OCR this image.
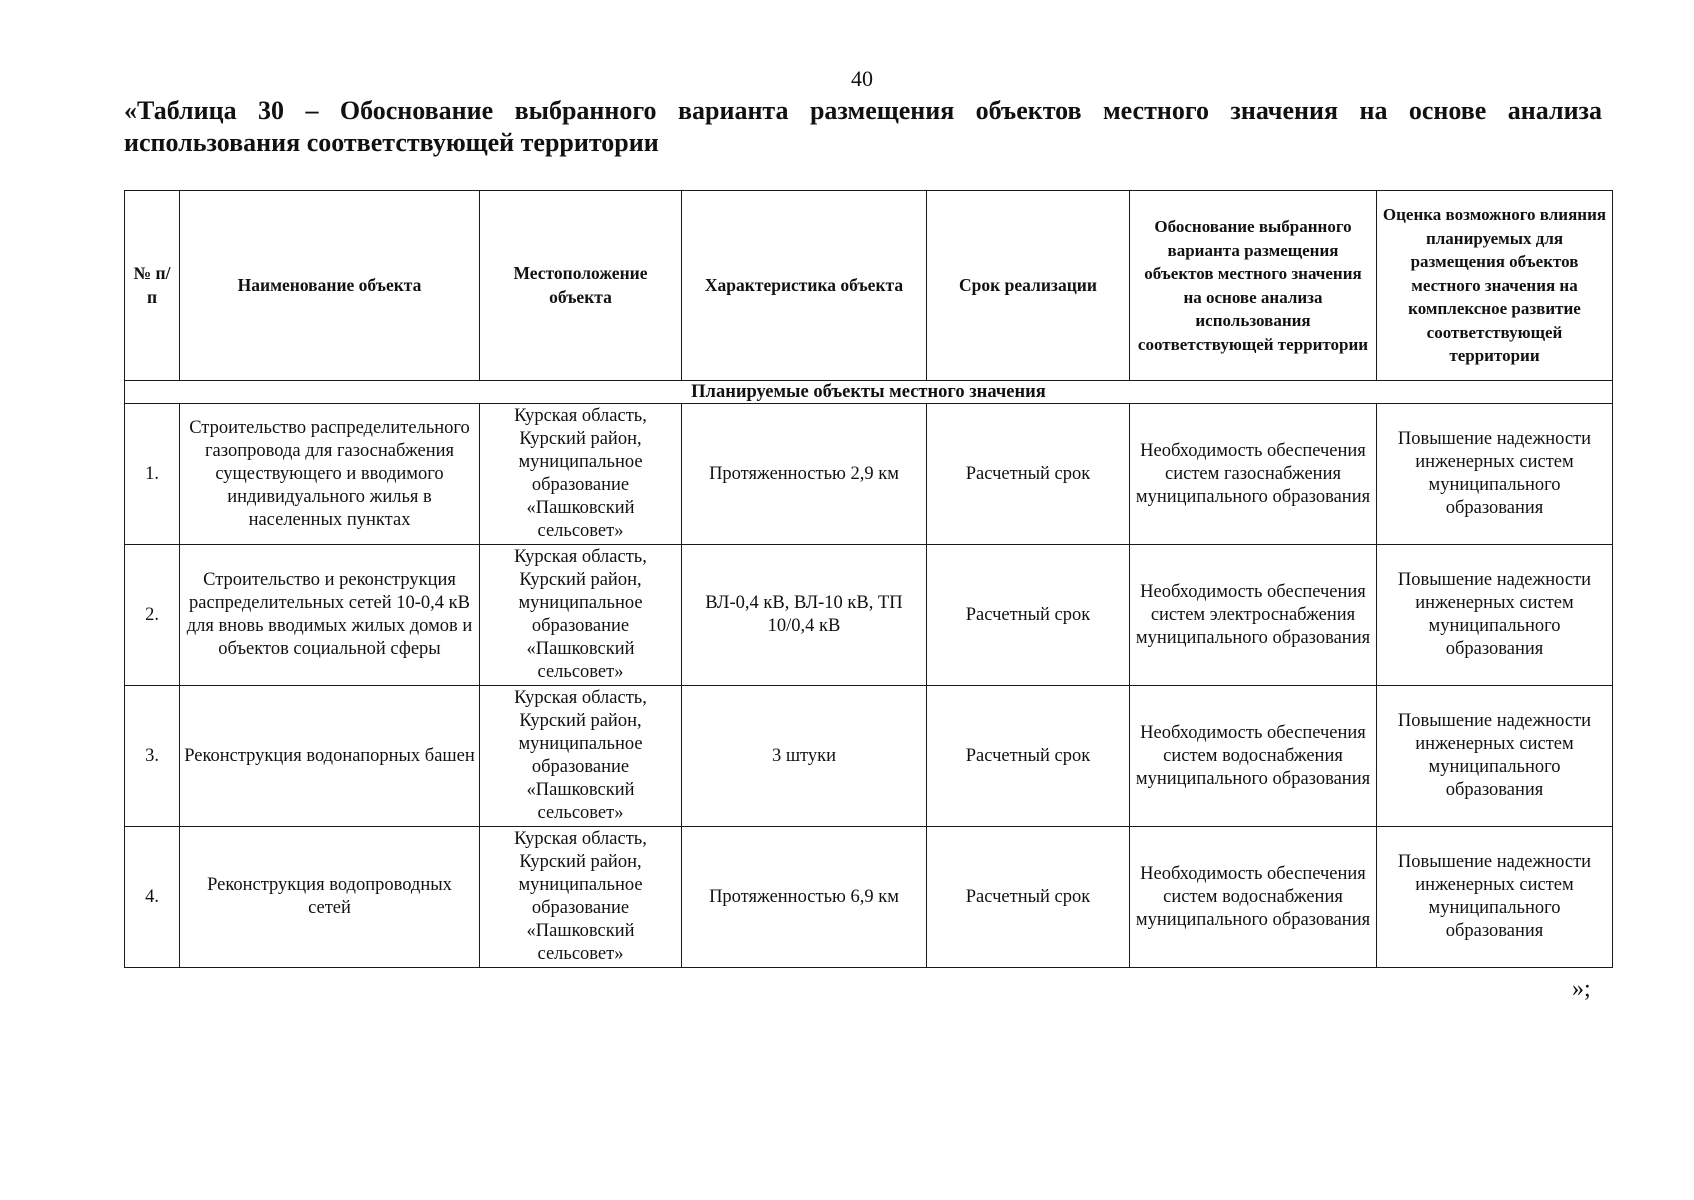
40
«Таблица 30 – Обоснование выбранного варианта размещения объектов местного значения на основе анализа использования соответствующей территории
№ п/п	Наименование объекта	Местоположение объекта	Характеристика объекта	Срок реализации	Обоснование выбранного варианта размещения объектов местного значения на основе анализа использования соответствующей территории	Оценка возможного влияния планируемых для размещения объектов местного значения на комплексное развитие соответствующей территории
Планируемые объекты местного значения						
1.	Строительство распределительного газопровода для газоснабжения существующего и вводимого индивидуального жилья в населенных пунктах	Курская область, Курский район, муниципальное образование «Пашковский сельсовет»	Протяженностью 2,9 км	Расчетный срок	Необходимость обеспечения систем газоснабжения муниципального образования	Повышение надежности инженерных систем муниципального образования
2.	Строительство и реконструкция распределительных сетей 10-0,4 кВ для вновь вводимых жилых домов и объектов социальной сферы	Курская область, Курский район, муниципальное образование «Пашковский сельсовет»	ВЛ-0,4 кВ, ВЛ-10 кВ, ТП 10/0,4 кВ	Расчетный срок	Необходимость обеспечения систем электроснабжения муниципального образования	Повышение надежности инженерных систем муниципального образования
3.	Реконструкция водонапорных башен	Курская область, Курский район, муниципальное образование «Пашковский сельсовет»	3 штуки	Расчетный срок	Необходимость обеспечения систем водоснабжения муниципального образования	Повышение надежности инженерных систем муниципального образования
4.	Реконструкция водопроводных сетей	Курская область, Курский район, муниципальное образование «Пашковский сельсовет»	Протяженностью 6,9 км	Расчетный срок	Необходимость обеспечения систем водоснабжения муниципального образования	Повышение надежности инженерных систем муниципального образования
»;
